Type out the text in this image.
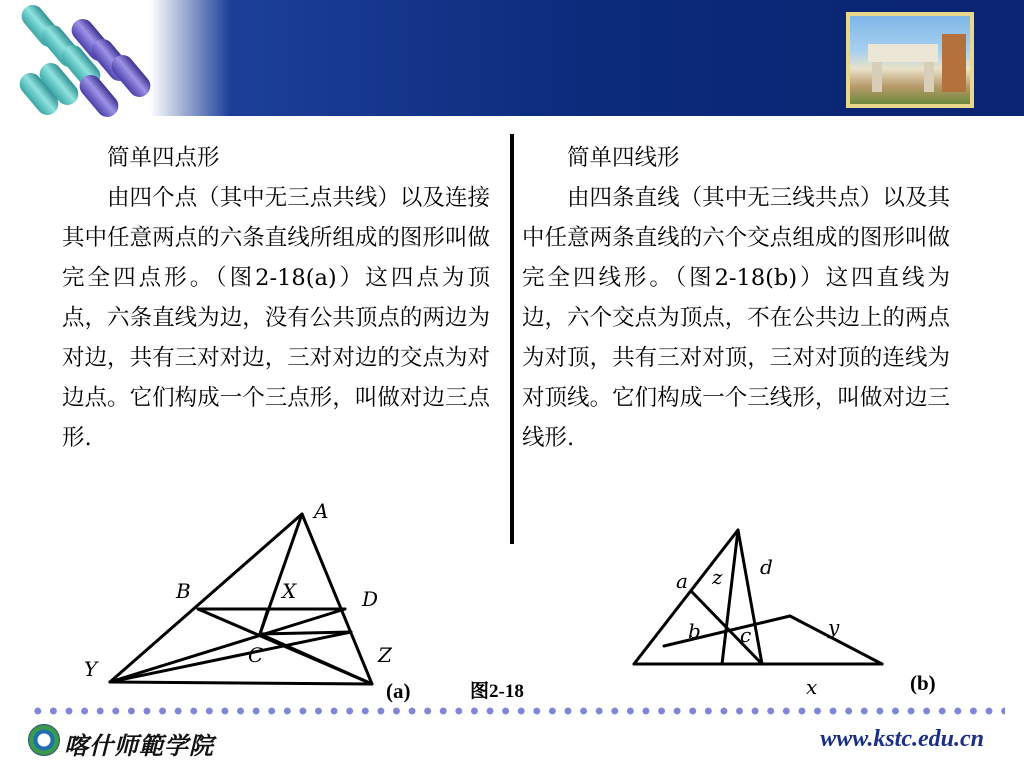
简单四点形

由四个点（其中无三点共线）以及连接其中任意两点的六条直线所组成的图形叫做完全四点形。（图2-18(a)）这四点为顶点，六条直线为边，没有公共顶点的两边为对边，共有三对对边，三对对边的交点为对边点。它们构成一个三点形，叫做对边三点形.

简单四线形

由四条直线（其中无三线共点）以及其中任意两条直线的六个交点组成的图形叫做完全四线形。（图2-18(b)）这四直线为边，六个交点为顶点，不在公共边上的两点为对顶，共有三对对顶，三对对顶的连线为对顶线。它们构成一个三线形，叫做对边三线形.

A
B	X	D
C	Z
Y
(a)	图2-18
a z d
b c	y
x	(b)
喀什师範学院	www.kstc.edu.cn
